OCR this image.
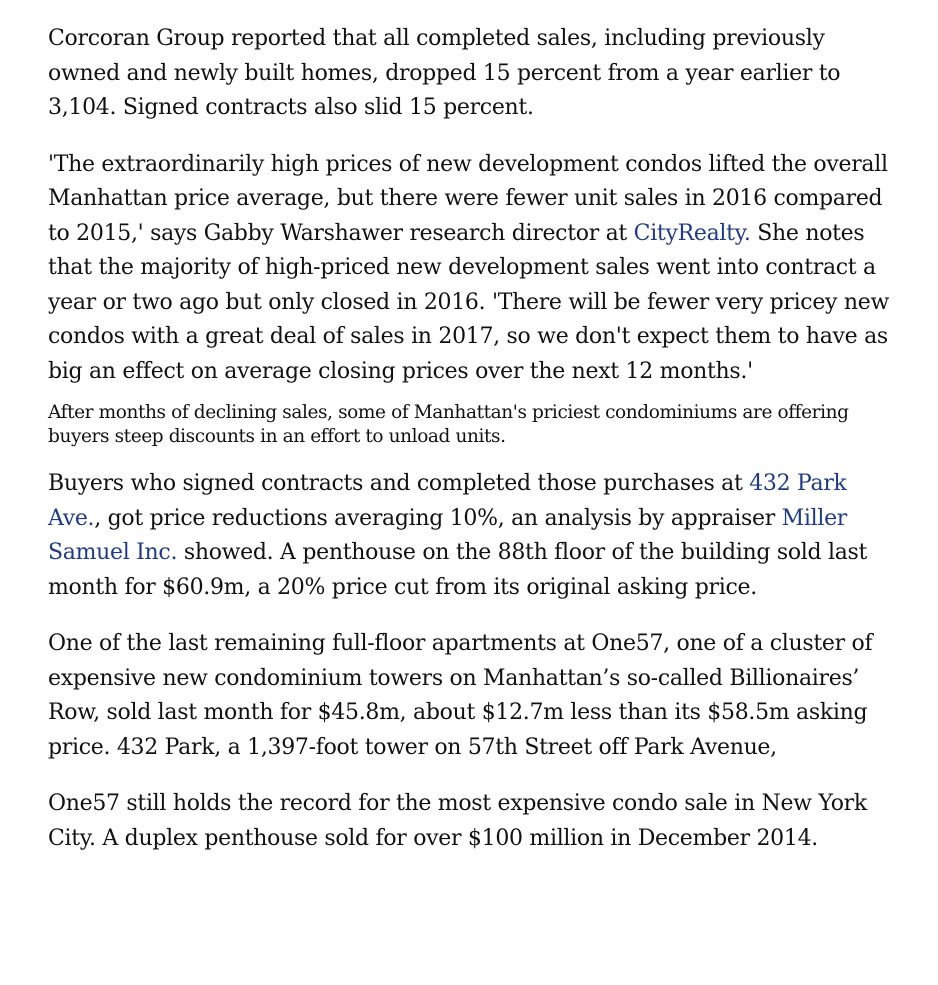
Corcoran Group reported that all completed sales, including previously owned and newly built homes, dropped 15 percent from a year earlier to 3,104. Signed contracts also slid 15 percent.

'The extraordinarily high prices of new development condos lifted the overall Manhattan price average, but there were fewer unit sales in 2016 compared to 2015,' says Gabby Warshawer research director at CityRealty. She notes that the majority of high-priced new development sales went into contract a year or two ago but only closed in 2016. 'There will be fewer very pricey new condos with a great deal of sales in 2017, so we don't expect them to have as big an effect on average closing prices over the next 12 months.'

After months of declining sales, some of Manhattan's priciest condominiums are offering buyers steep discounts in an effort to unload units.

Buyers who signed contracts and completed those purchases at 432 Park Ave., got price reductions averaging 10%, an analysis by appraiser Miller Samuel Inc. showed. A penthouse on the 88th floor of the building sold last month for $60.9m, a 20% price cut from its original asking price.

One of the last remaining full-floor apartments at One57, one of a cluster of expensive new condominium towers on Manhattan’s so-called Billionaires’ Row, sold last month for $45.8m, about $12.7m less than its $58.5m asking price. 432 Park, a 1,397-foot tower on 57th Street off Park Avenue,

One57 still holds the record for the most expensive condo sale in New York City. A duplex penthouse sold for over $100 million in December 2014.
